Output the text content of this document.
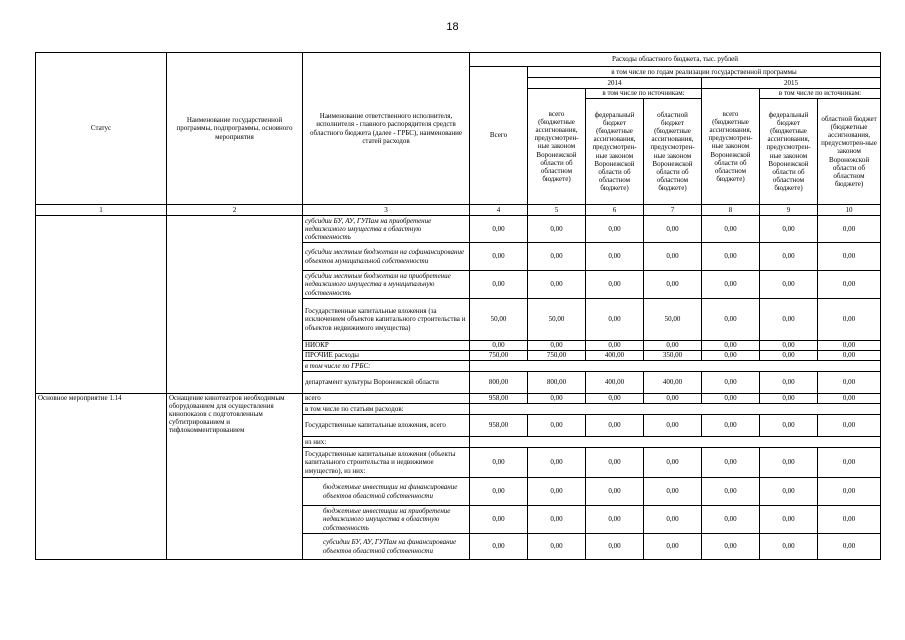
18
Статус	Наименование государственной программы, подпрограммы, основного мероприятия	Наименование ответственного исполнителя, исполнителя - главного распорядителя средств областного бюджета (далее - ГРБС), наименование статей расходов	Расходы областного бюджета, тыс. рублей						
			Всего	в том числе по годам реализации государственной программы					
				2014			2015		
				всего (бюджетные ассигнования, предусмотрен-ные законом Воронежской области об областном бюджете)	в том числе по источникам:		всего (бюджетные ассигнования, предусмотрен-ные законом Воронежской области об областном бюджете)	в том числе по источникам:	
					федеральный бюджет (бюджетные ассигнования, предусмотрен-ные законом Воронежской области об областном бюджете)	областной бюджет (бюджетные ассигнования, предусмотрен-ные законом Воронежской области об областном бюджете)		федеральный бюджет (бюджетные ассигнования, предусмотрен-ные законом Воронежской области об областном бюджете)	областной бюджет (бюджетные ассигнования, предусмотрен-ные законом Воронежской области об областном бюджете)
1	2	3	4	5	6	7	8	9	10
		субсидии БУ, АУ, ГУПам на приобретение недвижимого имущества в областную собственность	0,00	0,00	0,00	0,00	0,00	0,00	0,00
		субсидии местным бюджетам на софинансирование объектов муниципальной собственности	0,00	0,00	0,00	0,00	0,00	0,00	0,00
		субсидии местным бюджетам на приобретение недвижимого имущества в муниципальную собственность	0,00	0,00	0,00	0,00	0,00	0,00	0,00
		Государственные капитальные вложения (за исключением объектов капитального строительства и объектов недвижимого имущества)	50,00	50,00	0,00	50,00	0,00	0,00	0,00
		НИОКР	0,00	0,00	0,00	0,00	0,00	0,00	0,00
		ПРОЧИЕ расходы	750,00	750,00	400,00	350,00	0,00	0,00	0,00
		в том числе по ГРБС:							
		департамент культуры Воронежской области	800,00	800,00	400,00	400,00	0,00	0,00	0,00
Основное мероприятие 1.14	Оснащение кинотеатров необходимым оборудованием для осуществления кинопоказов с подготовленным субтитрированием и тифлокомментированием	всего	958,00	0,00	0,00	0,00	0,00	0,00	0,00
		в том числе по статьям расходов:							
		Государственные капитальные вложения, всего	958,00	0,00	0,00	0,00	0,00	0,00	0,00
		из них:							
		Государственные капитальные вложения (объекты капитального строительства и недвижимое имущество), из них:	0,00	0,00	0,00	0,00	0,00	0,00	0,00
		бюджетные инвестиции на финансирование объектов областной собственности	0,00	0,00	0,00	0,00	0,00	0,00	0,00
		бюджетные инвестиции на приобретение недвижимого имущества в областную собственность	0,00	0,00	0,00	0,00	0,00	0,00	0,00
		субсидии БУ, АУ, ГУПам на финансирование объектов областной собственности	0,00	0,00	0,00	0,00	0,00	0,00	0,00
